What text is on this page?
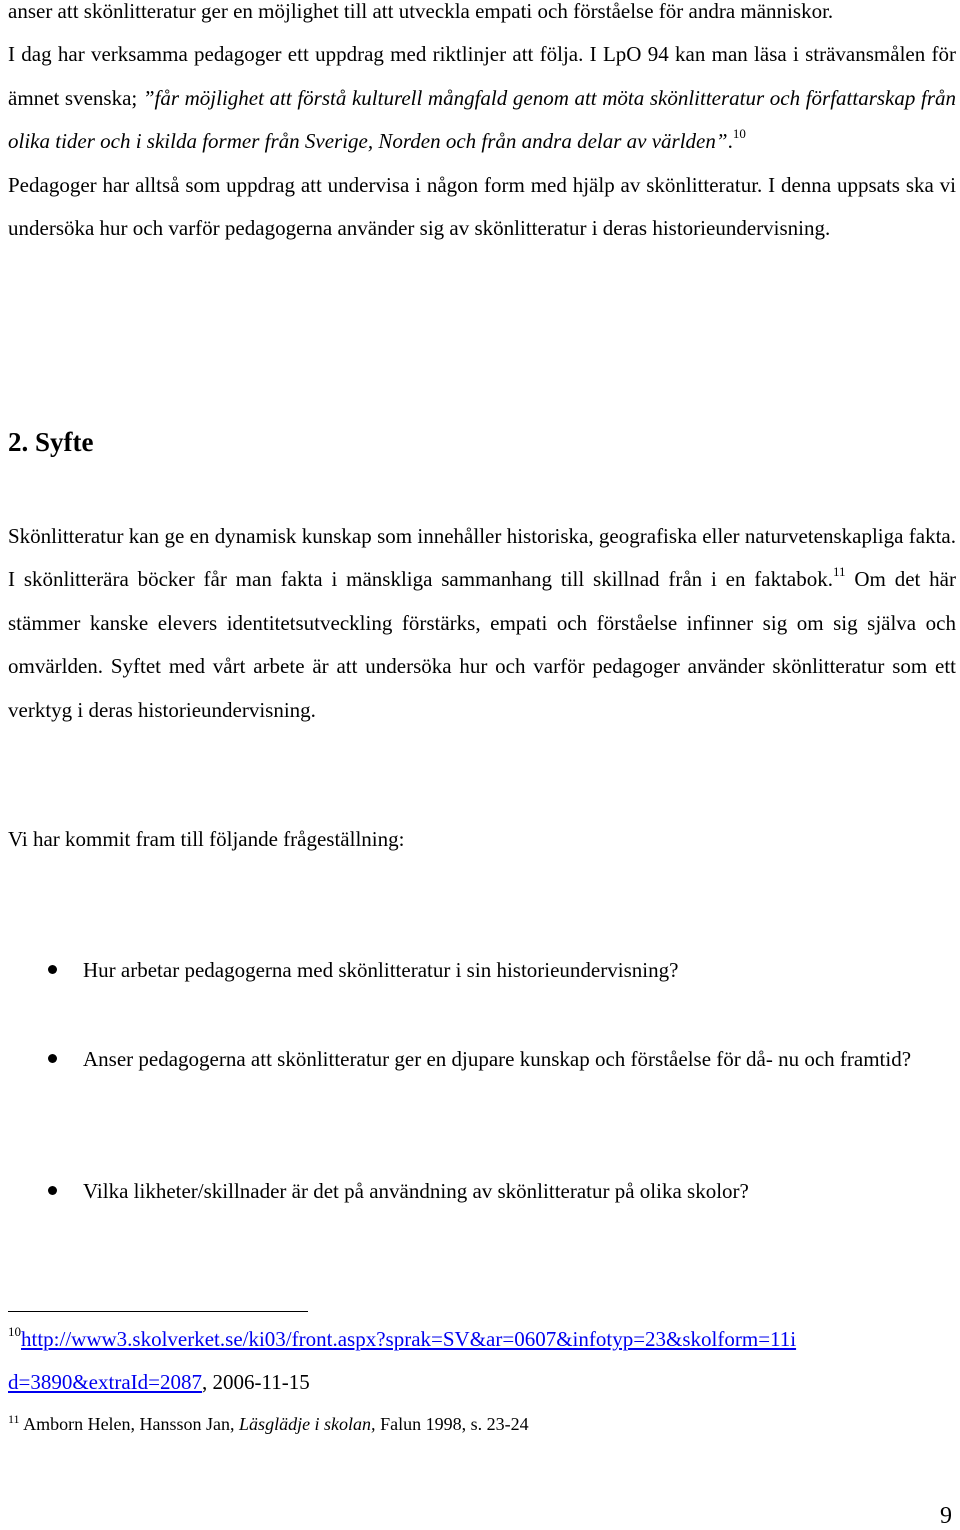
anser att skönlitteratur ger en möjlighet till att utveckla empati och förståelse för andra människor.
I dag har verksamma pedagoger ett uppdrag med riktlinjer att följa. I LpO 94 kan man läsa i strävansmålen för ämnet svenska; ”får möjlighet att förstå kulturell mångfald genom att möta skönlitteratur och författarskap från olika tider och i skilda former från Sverige, Norden och från andra delar av världen”.$^{10}$
Pedagoger har alltså som uppdrag att undervisa i någon form med hjälp av skönlitteratur. I denna uppsats ska vi undersöka hur och varför pedagogerna använder sig av skönlitteratur i deras historieundervisning.

2. Syfte

Skönlitteratur kan ge en dynamisk kunskap som innehåller historiska, geografiska eller naturvetenskapliga fakta. I skönlitterära böcker får man fakta i mänskliga sammanhang till skillnad från i en faktabok.$^{11}$ Om det här stämmer kanske elevers identitetsutveckling förstärks, empati och förståelse infinner sig om sig själva och omvärlden. Syftet med vårt arbete är att undersöka hur och varför pedagoger använder skönlitteratur som ett verktyg i deras historieundervisning.

Vi har kommit fram till följande frågeställning:

Hur arbetar pedagogerna med skönlitteratur i sin historieundervisning?

Anser pedagogerna att skönlitteratur ger en djupare kunskap och förståelse för då- nu och framtid?

Vilka likheter/skillnader är det på användning av skönlitteratur på olika skolor?

$^{10}$http://www3.skolverket.se/ki03/front.aspx?sprak=SV&ar=0607&infotyp=23&skolform=11i
d=3890&extraId=2087, 2006-11-15

$^{11}$ Amborn Helen, Hansson Jan, Läsglädje i skolan, Falun 1998, s. 23-24

9
